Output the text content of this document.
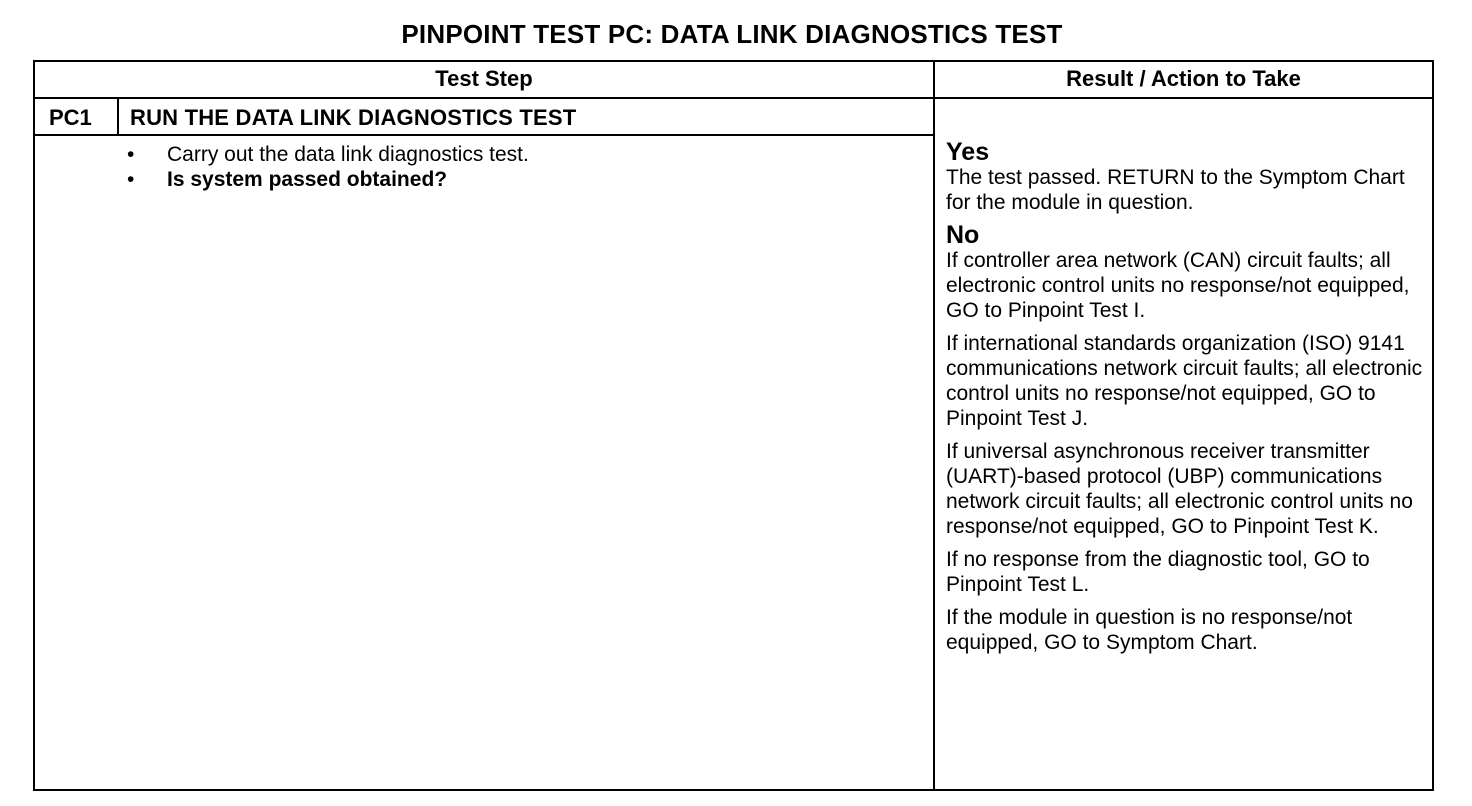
PINPOINT TEST PC: DATA LINK DIAGNOSTICS TEST
Test Step	Result / Action to Take
PC1 RUN THE DATA LINK DIAGNOSTICS TEST
•	Carry out the data link diagnostics test.
•	Is system passed obtained?
Yes

The test passed. RETURN to the Symptom Chart for the module in question.

No

If controller area network (CAN) circuit faults; all electronic control units no response/not equipped, GO to Pinpoint Test I.

If international standards organization (ISO) 9141 communications network circuit faults; all electronic control units no response/not equipped, GO to Pinpoint Test J.

If universal asynchronous receiver transmitter (UART)-based protocol (UBP) communications network circuit faults; all electronic control units no response/not equipped, GO to Pinpoint Test K.

If no response from the diagnostic tool, GO to Pinpoint Test L.

If the module in question is no response/not equipped, GO to Symptom Chart.
